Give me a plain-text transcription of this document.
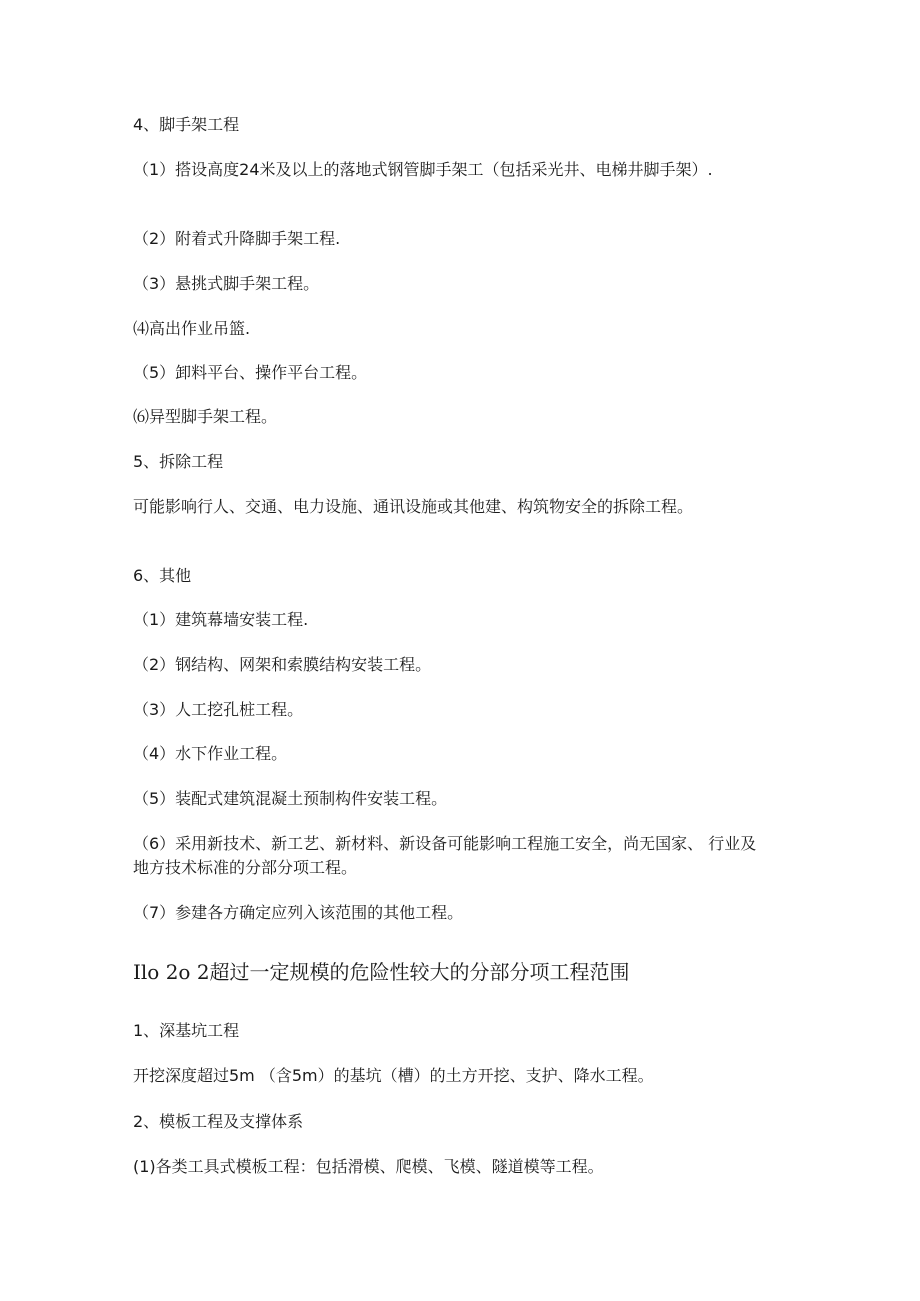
4、脚手架工程
（1）搭设高度24米及以上的落地式钢管脚手架工（包括采光井、电梯井脚手架）.
（2）附着式升降脚手架工程.
（3）悬挑式脚手架工程。
⑷高出作业吊篮.
（5）卸料平台、操作平台工程。
⑹异型脚手架工程。
5、拆除工程
可能影响行人、交通、电力设施、通讯设施或其他建、构筑物安全的拆除工程。
6、其他
（1）建筑幕墙安装工程.
（2）钢结构、网架和索膜结构安装工程。
（3）人工挖孔桩工程。
（4）水下作业工程。
（5）装配式建筑混凝土预制构件安装工程。
（6）采用新技术、新工艺、新材料、新设备可能影响工程施工安全，尚无国家、 行业及地方技术标准的分部分项工程。
（7）参建各方确定应列入该范围的其他工程。
Ilo 2o 2超过一定规模的危险性较大的分部分项工程范围
1、深基坑工程
开挖深度超过5m （含5m）的基坑（槽）的土方开挖、支护、降水工程。
2、模板工程及支撑体系
(1)各类工具式模板工程：包括滑模、爬模、飞模、隧道模等工程。
